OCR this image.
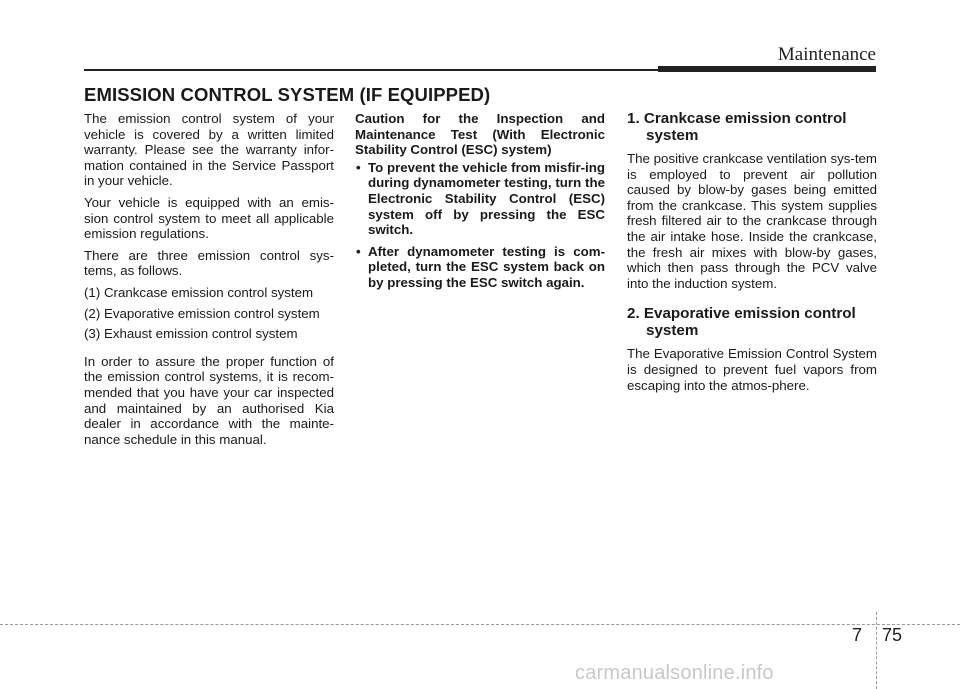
Maintenance
EMISSION CONTROL SYSTEM (IF EQUIPPED)

The emission control system of your vehicle is covered by a written limited warranty. Please see the warranty infor-mation contained in the Service Passport in your vehicle.

Your vehicle is equipped with an emis-sion control system to meet all applicable emission regulations.

There are three emission control sys-tems, as follows.

(1) Crankcase emission control system

(2) Evaporative emission control system

(3) Exhaust emission control system

In order to assure the proper function of the emission control systems, it is recom-mended that you have your car inspected and maintained by an authorised Kia dealer in accordance with the mainte-nance schedule in this manual.

Caution for the Inspection and Maintenance Test (With Electronic Stability Control (ESC) system)

• To prevent the vehicle from misfir-ing during dynamometer testing, turn the Electronic Stability Control (ESC) system off by pressing the ESC switch.
• After dynamometer testing is com-pleted, turn the ESC system back on by pressing the ESC switch again.
1. Crankcase emission control system

The positive crankcase ventilation sys-tem is employed to prevent air pollution caused by blow-by gases being emitted from the crankcase. This system supplies fresh filtered air to the crankcase through the air intake hose. Inside the crankcase, the fresh air mixes with blow-by gases, which then pass through the PCV valve into the induction system.

2. Evaporative emission control system

The Evaporative Emission Control System is designed to prevent fuel vapors from escaping into the atmos-phere.

7 75
carmanualsonline.info
